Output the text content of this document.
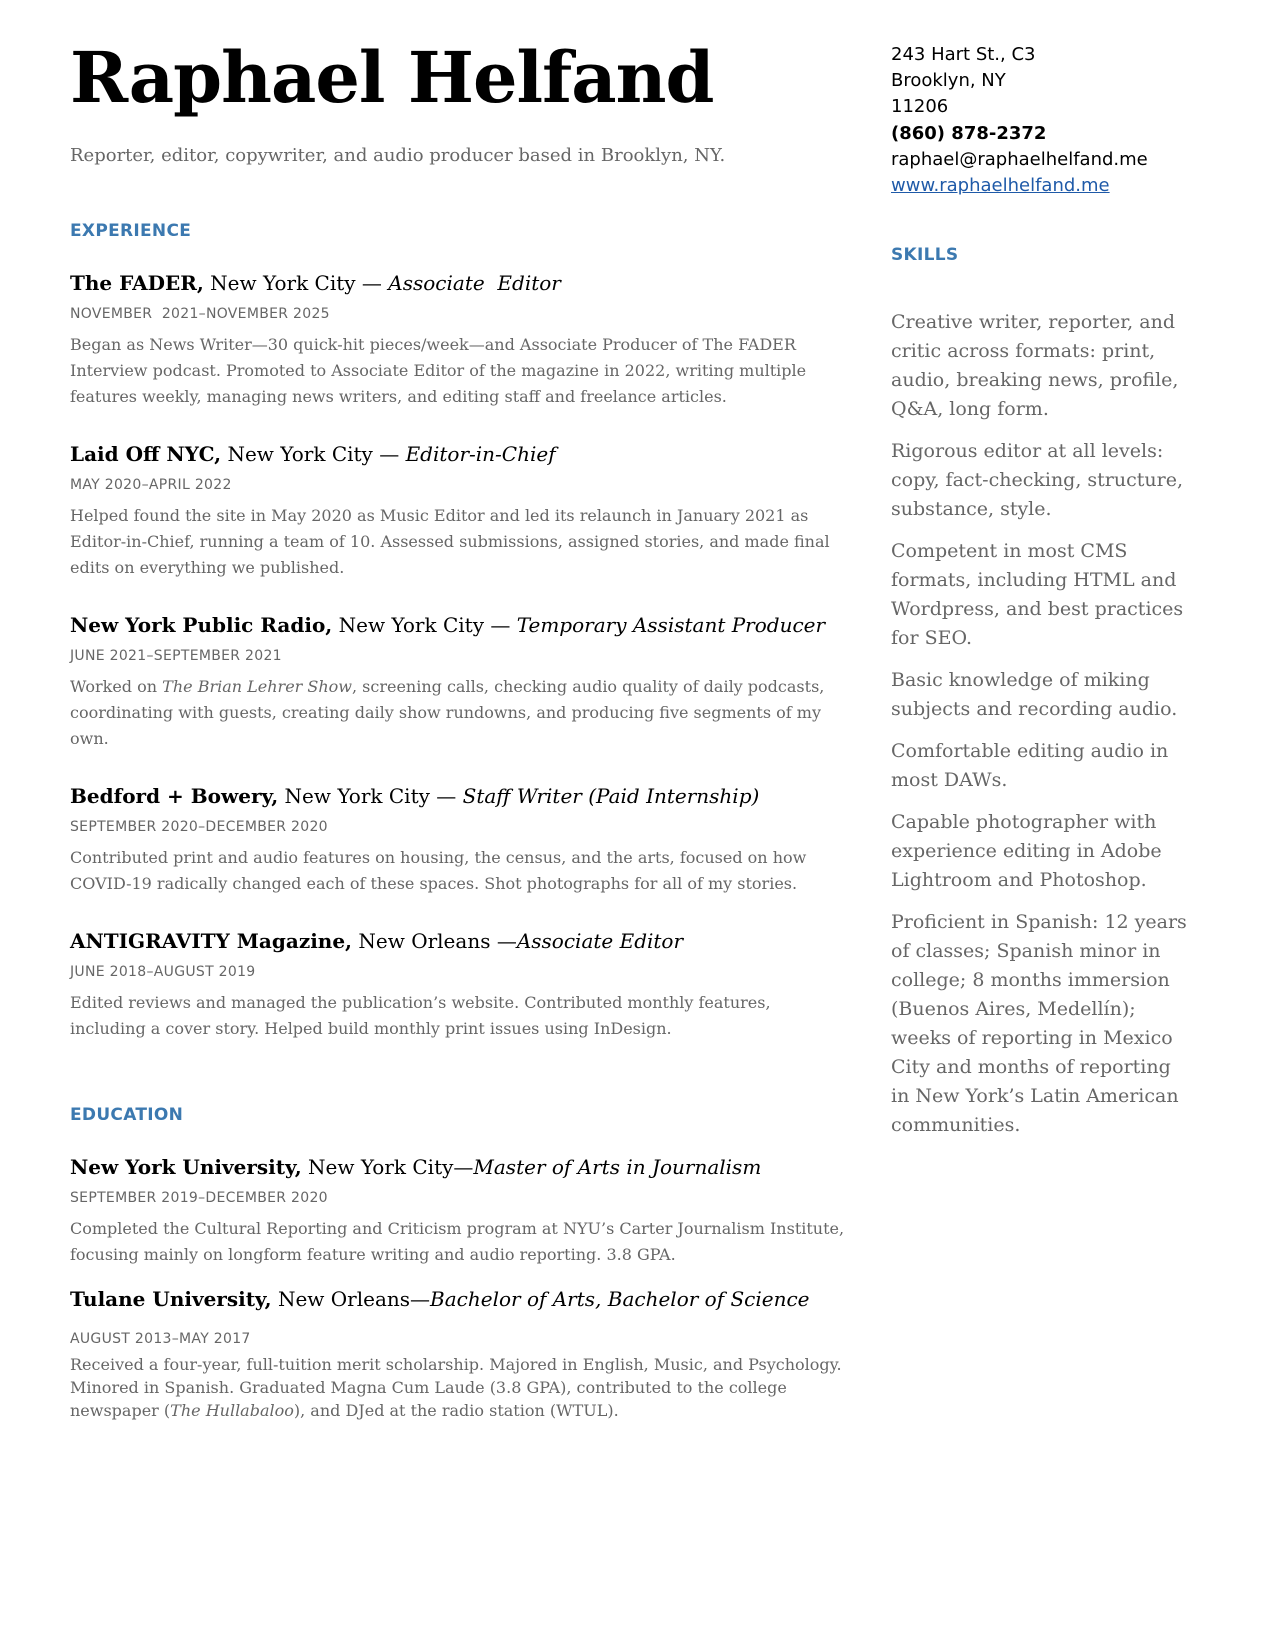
Raphael Helfand
Reporter, editor, copywriter, and audio producer based in Brooklyn, NY.
243 Hart St., C3
Brooklyn, NY
11206
(860) 878-2372
raphael@raphaelhelfand.me
www.raphaelhelfand.me
EXPERIENCE
The FADER, New York City — Associate  Editor
NOVEMBER  2021–NOVEMBER 2025
Began as News Writer—30 quick-hit pieces/week—and Associate Producer of The FADER Interview podcast. Promoted to Associate Editor of the magazine in 2022, writing multiple features weekly, managing news writers, and editing staff and freelance articles.
Laid Off NYC, New York City — Editor-in-Chief
MAY 2020–APRIL 2022
Helped found the site in May 2020 as Music Editor and led its relaunch in January 2021 as Editor-in-Chief, running a team of 10. Assessed submissions, assigned stories, and made final edits on everything we published.
New York Public Radio, New York City — Temporary Assistant Producer
JUNE 2021–SEPTEMBER 2021
Worked on The Brian Lehrer Show, screening calls, checking audio quality of daily podcasts, coordinating with guests, creating daily show rundowns, and producing five segments of my own.
Bedford + Bowery, New York City — Staff Writer (Paid Internship)
SEPTEMBER 2020–DECEMBER 2020
Contributed print and audio features on housing, the census, and the arts, focused on how COVID-19 radically changed each of these spaces. Shot photographs for all of my stories.
ANTIGRAVITY Magazine, New Orleans —Associate Editor
JUNE 2018–AUGUST 2019
Edited reviews and managed the publication’s website. Contributed monthly features, including a cover story. Helped build monthly print issues using InDesign.
EDUCATION
New York University, New York City—Master of Arts in Journalism
SEPTEMBER 2019–DECEMBER 2020
Completed the Cultural Reporting and Criticism program at NYU’s Carter Journalism Institute, focusing mainly on longform feature writing and audio reporting. 3.8 GPA.
Tulane University, New Orleans—Bachelor of Arts, Bachelor of Science
AUGUST 2013–MAY 2017
Received a four-year, full-tuition merit scholarship. Majored in English, Music, and Psychology. Minored in Spanish. Graduated Magna Cum Laude (3.8 GPA), contributed to the college newspaper (The Hullabaloo), and DJed at the radio station (WTUL).
SKILLS
Creative writer, reporter, and critic across formats: print, audio, breaking news, profile, Q&A, long form.
Rigorous editor at all levels: copy, fact-checking, structure, substance, style.
Competent in most CMS formats, including HTML and Wordpress, and best practices for SEO.
Basic knowledge of miking subjects and recording audio.
Comfortable editing audio in most DAWs.
Capable photographer with experience editing in Adobe Lightroom and Photoshop.
Proficient in Spanish: 12 years of classes; Spanish minor in college; 8 months immersion (Buenos Aires, Medellín); weeks of reporting in Mexico City and months of reporting in New York’s Latin American communities.
